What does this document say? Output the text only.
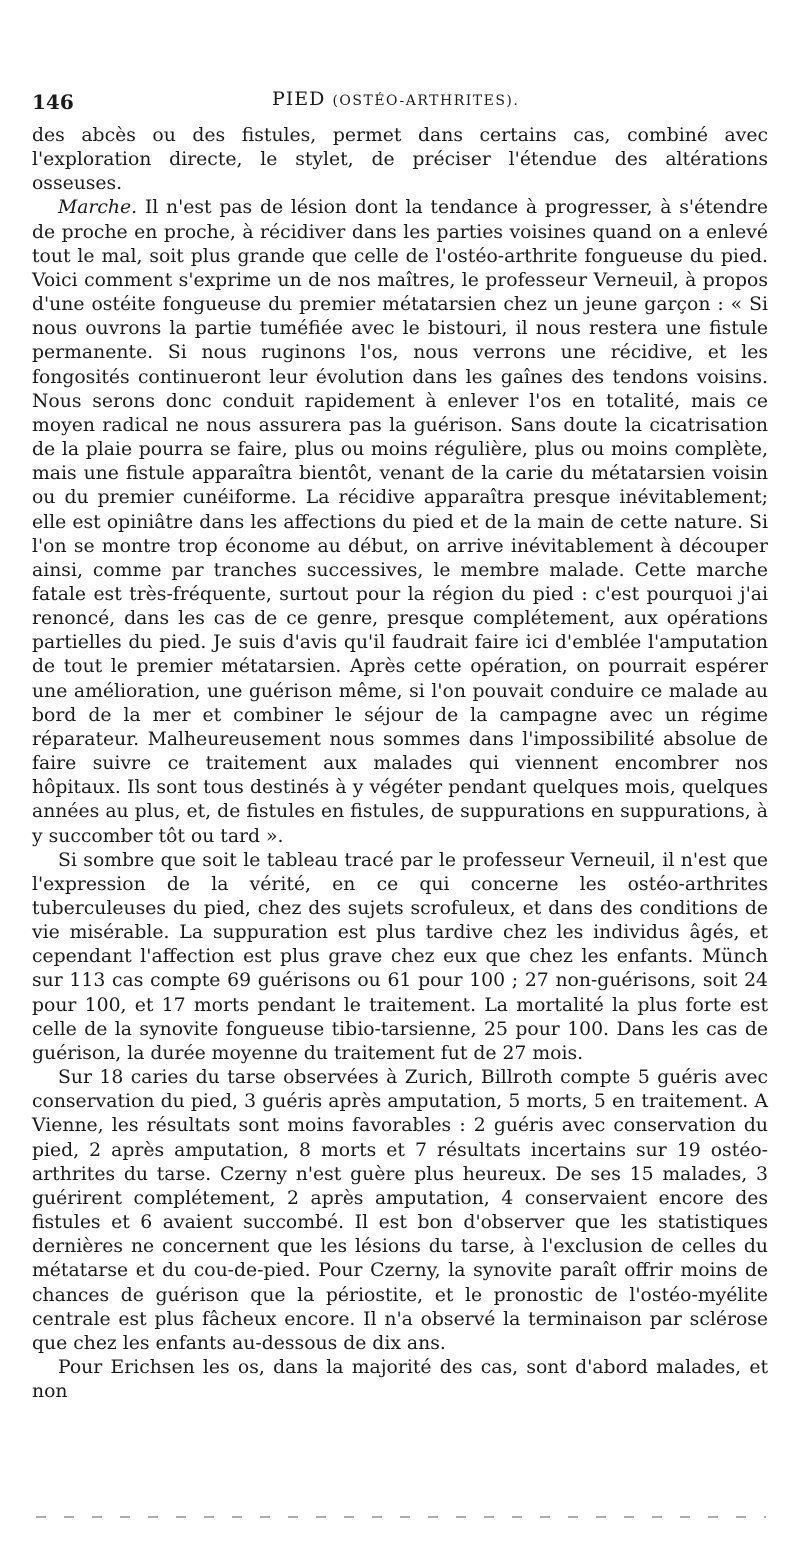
146	PIED (OSTÉO-ARTHRITES).

des abcès ou des fistules, permet dans certains cas, combiné avec l'exploration directe, le stylet, de préciser l'étendue des altérations osseuses.

Marche. Il n'est pas de lésion dont la tendance à progresser, à s'étendre de proche en proche, à récidiver dans les parties voisines quand on a enlevé tout le mal, soit plus grande que celle de l'ostéo-arthrite fongueuse du pied. Voici comment s'exprime un de nos maîtres, le professeur Verneuil, à propos d'une ostéite fongueuse du premier métatarsien chez un jeune garçon : « Si nous ouvrons la partie tuméfiée avec le bistouri, il nous restera une fistule permanente. Si nous ruginons l'os, nous verrons une récidive, et les fongosités continueront leur évolution dans les gaînes des tendons voisins. Nous serons donc conduit rapidement à enlever l'os en totalité, mais ce moyen radical ne nous assurera pas la guérison. Sans doute la cicatrisation de la plaie pourra se faire, plus ou moins régulière, plus ou moins complète, mais une fistule apparaîtra bientôt, venant de la carie du métatarsien voisin ou du premier cunéiforme. La récidive apparaîtra presque inévitablement; elle est opiniâtre dans les affections du pied et de la main de cette nature. Si l'on se montre trop économe au début, on arrive inévitablement à découper ainsi, comme par tranches successives, le membre malade. Cette marche fatale est très-fréquente, surtout pour la région du pied : c'est pourquoi j'ai renoncé, dans les cas de ce genre, presque complétement, aux opérations partielles du pied. Je suis d'avis qu'il faudrait faire ici d'emblée l'amputation de tout le premier métatarsien. Après cette opération, on pourrait espérer une amélioration, une guérison même, si l'on pouvait conduire ce malade au bord de la mer et combiner le séjour de la campagne avec un régime réparateur. Malheureusement nous sommes dans l'impossibilité absolue de faire suivre ce traitement aux malades qui viennent encombrer nos hôpitaux. Ils sont tous destinés à y végéter pendant quelques mois, quelques années au plus, et, de fistules en fistules, de suppurations en suppurations, à y succomber tôt ou tard ».

Si sombre que soit le tableau tracé par le professeur Verneuil, il n'est que l'expression de la vérité, en ce qui concerne les ostéo-arthrites tuberculeuses du pied, chez des sujets scrofuleux, et dans des conditions de vie misérable. La suppuration est plus tardive chez les individus âgés, et cependant l'affection est plus grave chez eux que chez les enfants. Münch sur 113 cas compte 69 guérisons ou 61 pour 100 ; 27 non-guérisons, soit 24 pour 100, et 17 morts pendant le traitement. La mortalité la plus forte est celle de la synovite fongueuse tibio-tarsienne, 25 pour 100. Dans les cas de guérison, la durée moyenne du traitement fut de 27 mois.

Sur 18 caries du tarse observées à Zurich, Billroth compte 5 guéris avec conservation du pied, 3 guéris après amputation, 5 morts, 5 en traitement. A Vienne, les résultats sont moins favorables : 2 guéris avec conservation du pied, 2 après amputation, 8 morts et 7 résultats incertains sur 19 ostéo-arthrites du tarse. Czerny n'est guère plus heureux. De ses 15 malades, 3 guérirent complétement, 2 après amputation, 4 conservaient encore des fistules et 6 avaient succombé. Il est bon d'observer que les statistiques dernières ne concernent que les lésions du tarse, à l'exclusion de celles du métatarse et du cou-de-pied. Pour Czerny, la synovite paraît offrir moins de chances de guérison que la périostite, et le pronostic de l'ostéo-myélite centrale est plus fâcheux encore. Il n'a observé la terminaison par sclérose que chez les enfants au-dessous de dix ans.

Pour Erichsen les os, dans la majorité des cas, sont d'abord malades, et non
